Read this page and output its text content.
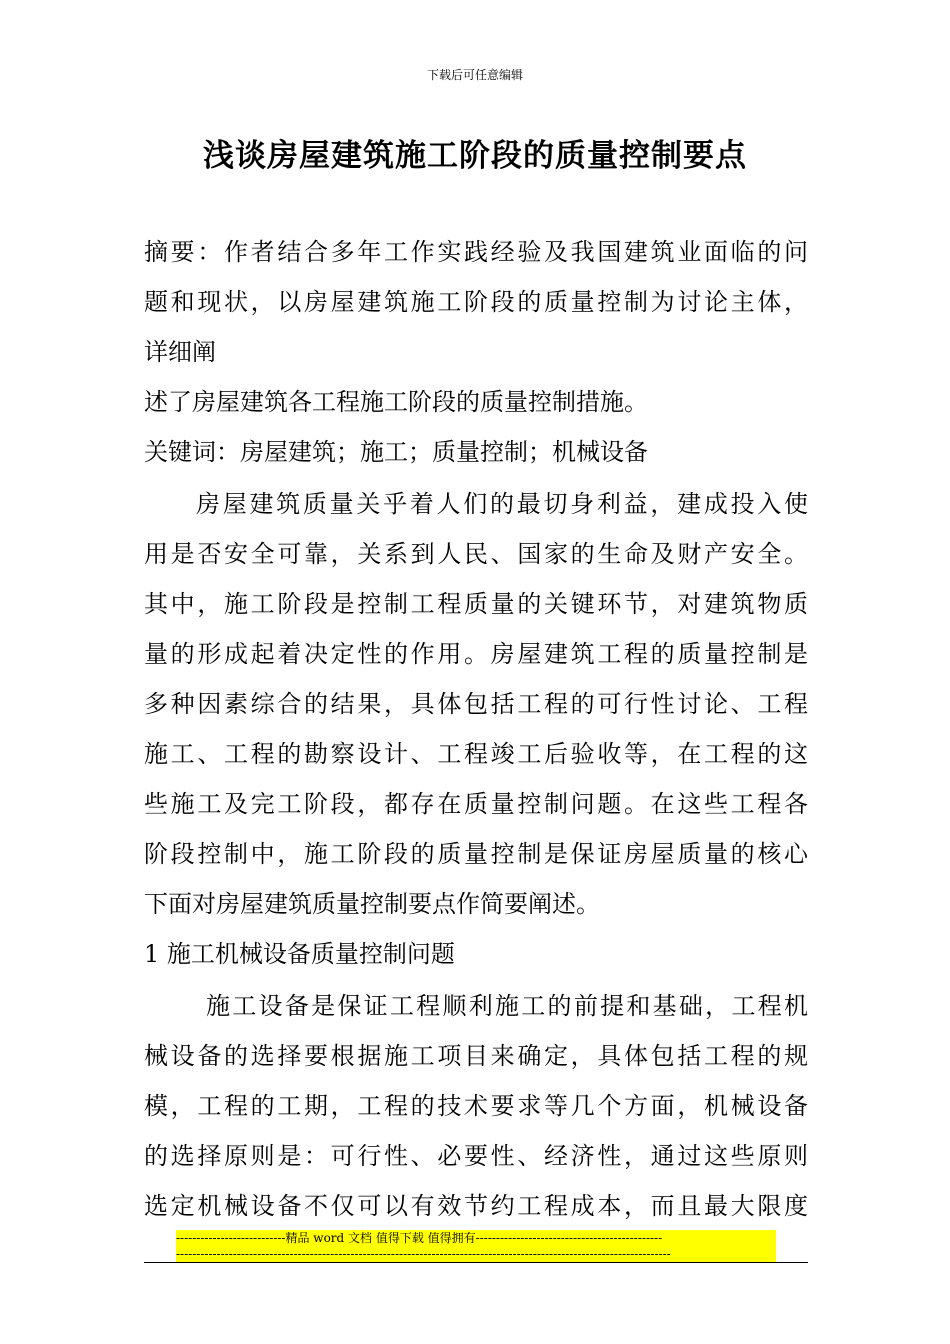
下载后可任意编辑
浅谈房屋建筑施工阶段的质量控制要点
摘要：作者结合多年工作实践经验及我国建筑业面临的问
题和现状，以房屋建筑施工阶段的质量控制为讨论主体，
详细阐
述了房屋建筑各工程施工阶段的质量控制措施。
关键词：房屋建筑；施工；质量控制；机械设备
房屋建筑质量关乎着人们的最切身利益，建成投入使
用是否安全可靠，关系到人民、国家的生命及财产安全。
其中，施工阶段是控制工程质量的关键环节，对建筑物质
量的形成起着决定性的作用。房屋建筑工程的质量控制是
多种因素综合的结果，具体包括工程的可行性讨论、工程
施工、工程的勘察设计、工程竣工后验收等，在工程的这
些施工及完工阶段，都存在质量控制问题。在这些工程各
阶段控制中，施工阶段的质量控制是保证房屋质量的核心
下面对房屋建筑质量控制要点作简要阐述。
1 施工机械设备质量控制问题
施工设备是保证工程顺利施工的前提和基础，工程机
械设备的选择要根据施工项目来确定，具体包括工程的规
模，工程的工期，工程的技术要求等几个方面，机械设备
的选择原则是：可行性、必要性、经济性，通过这些原则
选定机械设备不仅可以有效节约工程成本，而且最大限度
---------------------------精品 word 文档 值得下载 值得拥有----------------------------------------------
--------------------------------------------------------------------------------------------------------------------------
